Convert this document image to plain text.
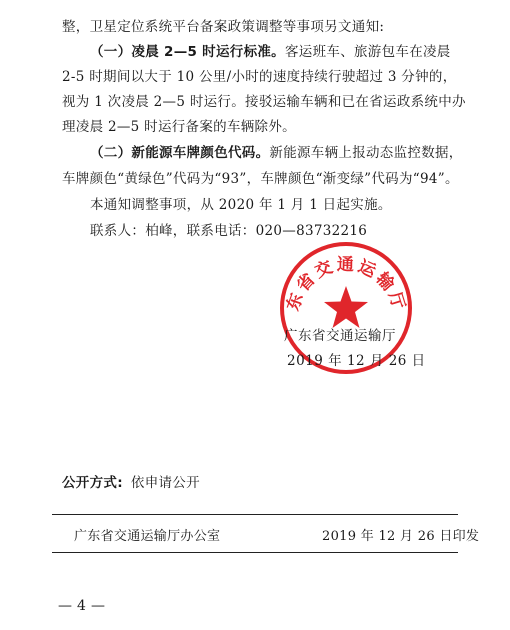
整，卫星定位系统平台备案政策调整等事项另文通知:
（一）凌晨 2—5 时运行标准。客运班车、旅游包车在凌晨
2-5 时期间以大于 10 公里/小时的速度持续行驶超过 3 分钟的，
视为 1 次凌晨 2—5 时运行。接驳运输车辆和已在省运政系统中办
理凌晨 2—5 时运行备案的车辆除外。
（二）新能源车牌颜色代码。新能源车辆上报动态监控数据，
车牌颜色“黄绿色”代码为“93”，车牌颜色“渐变绿”代码为“94”。
本通知调整事项，从 2020 年 1 月 1 日起实施。
联系人：柏峰，联系电话：020—83732216
东省交通运输厅
广东省交通运输厅
2019 年 12 月 26 日
公开方式: 依申请公开
广东省交通运输厅办公室	2019 年 12 月 26 日印发
— 4 —
